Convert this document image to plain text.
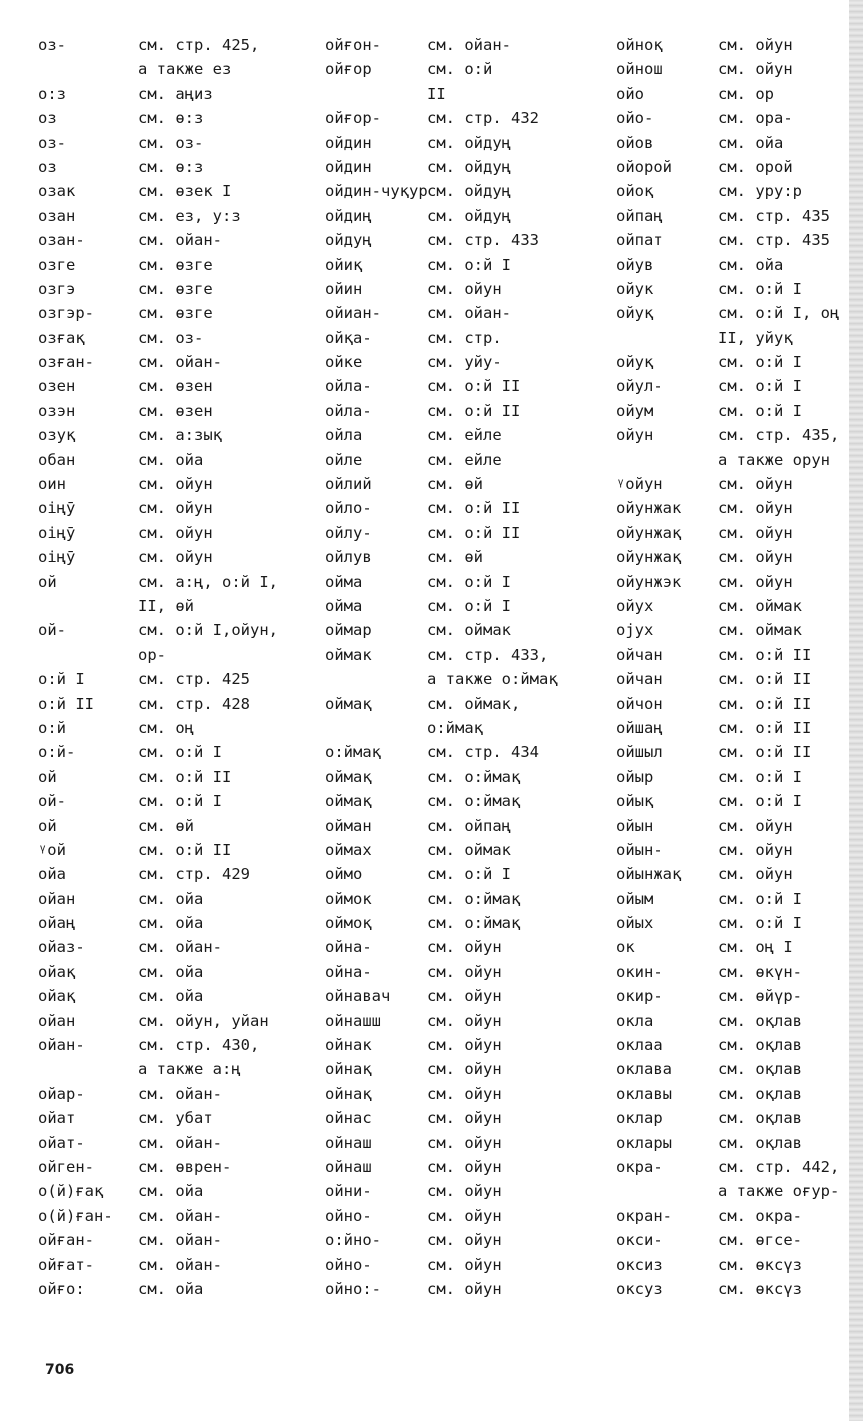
оз-	см. стр. 425,
а также ез
о:з	см. аңиз
оз	см. ө:з
оз-	см. оз-
оз	см. ө:з
озак	см. өзек I
озан	см. ез, у:з
озан-	см. ойан-
озге	см. өзге
озгэ	см. өзге
озгэр-	см. өзге
озғақ	см. оз-
озған-	см. ойан-
озен	см. өзен
озэн	см. өзен
озуқ	см. а:зық
обан	см. ойа
оин	см. ойун
оіңӯ	см. ойун
оіңӯ	см. ойун
оіңӯ	см. ойун
ой	см. а:ң, о:й I,
II, өй
ой-	см. о:й I,ойун,
ор-
о:й I	см. стр. 425
о:й II	см. стр. 428
о:й	см. оң
о:й-	см. о:й I
ой	см. о:й II
ой-	см. о:й I
ой	см. өй
ᵞой	см. о:й II
ойа	см. стр. 429
ойан	см. ойа
ойаң	см. ойа
ойаз-	см. ойан-
ойақ	см. ойа
ойақ	см. ойа
ойан	см. ойун, уйан
ойан-	см. стр. 430,
а также а:ң
ойар-	см. ойан-
ойат	см. убат
ойат-	см. ойан-
ойген-	см. өврен-
о(й)ғақ	см. ойа
о(й)ған-	см. ойан-
ойған-	см. ойан-
ойғат-	см. ойан-
ойғо:	см. ойа
ойғон-	см. ойан-
ойғор	см. о:й
II
ойғор-	см. стр. 432
ойдин	см. ойдуң
ойдин	см. ойдуң
ойдин-чуқур см. ойдуң
ойдиң	см. ойдуң
ойдуң	см. стр. 433
ойиқ	см. о:й I
ойин	см. ойун
ойиан-	см. ойан-
ойқа-	см. стр.
ойке	см. уйу-
ойла-	см. о:й II
ойла-	см. о:й II
ойла	см. ейле
ойле	см. ейле
ойлий	см. өй
ойло-	см. о:й II
ойлу-	см. о:й II
ойлув	см. өй
ойма	см. о:й I
ойма	см. о:й I
оймар	см. оймак
оймак	см. стр. 433,
а также о:ймақ
оймақ	см. оймак,
о:ймақ
о:ймақ	см. стр. 434
оймақ	см. о:ймақ
оймақ	см. о:ймақ
ойман	см. ойпаң
оймах	см. оймак
оймо	см. о:й I
оймок	см. о:ймақ
оймоқ	см. о:ймақ
ойна-	см. ойун
ойна-	см. ойун
ойнавач	см. ойун
ойнашш	см. ойун
ойнак	см. ойун
ойнақ	см. ойун
ойнақ	см. ойун
ойнас	см. ойун
ойнаш	см. ойун
ойнаш	см. ойун
ойни-	см. ойун
ойно-	см. ойун
о:йно-	см. ойун
ойно-	см. ойун
ойно:-	см. ойун
ойноқ	см. ойун
ойнош	см. ойун
ойо	см. ор
ойо-	см. ора-
ойов	см. ойа
ойорой	см. орой
ойоқ	см. уру:р
ойпаң	см. стр. 435
ойпат	см. стр. 435
ойув	см. ойа
ойук	см. о:й I
ойуқ	см. о:й I, оң
II, уйуқ
ойуқ	см. о:й I
ойул-	см. о:й I
ойум	см. о:й I
ойун	см. стр. 435,
а также орун
ᵞойун	см. ойун
ойунжак	см. ойун
ойунжақ	см. ойун
ойунжақ	см. ойун
ойунжэк	см. ойун
ойух	см. оймак
ојух	см. оймак
ойчан	см. о:й II
ойчан	см. о:й II
ойчон	см. о:й II
ойшаң	см. о:й II
ойшыл	см. о:й II
ойыр	см. о:й I
ойық	см. о:й I
ойын	см. ойун
ойын-	см. ойун
ойынжақ	см. ойун
ойым	см. о:й I
ойых	см. о:й I
ок	см. оң I
окин-	см. өкүн-
окир-	см. өйүр-
окла	см. оқлав
оклаа	см. оқлав
оклава	см. оқлав
оклавы	см. оқлав
оклар	см. оқлав
оклары	см. оқлав
окра-	см. стр. 442,
а также оғур-
окран-	см. окра-
окси-	см. өгсе-
оксиз	см. өксүз
оксуз	см. өксүз
706
